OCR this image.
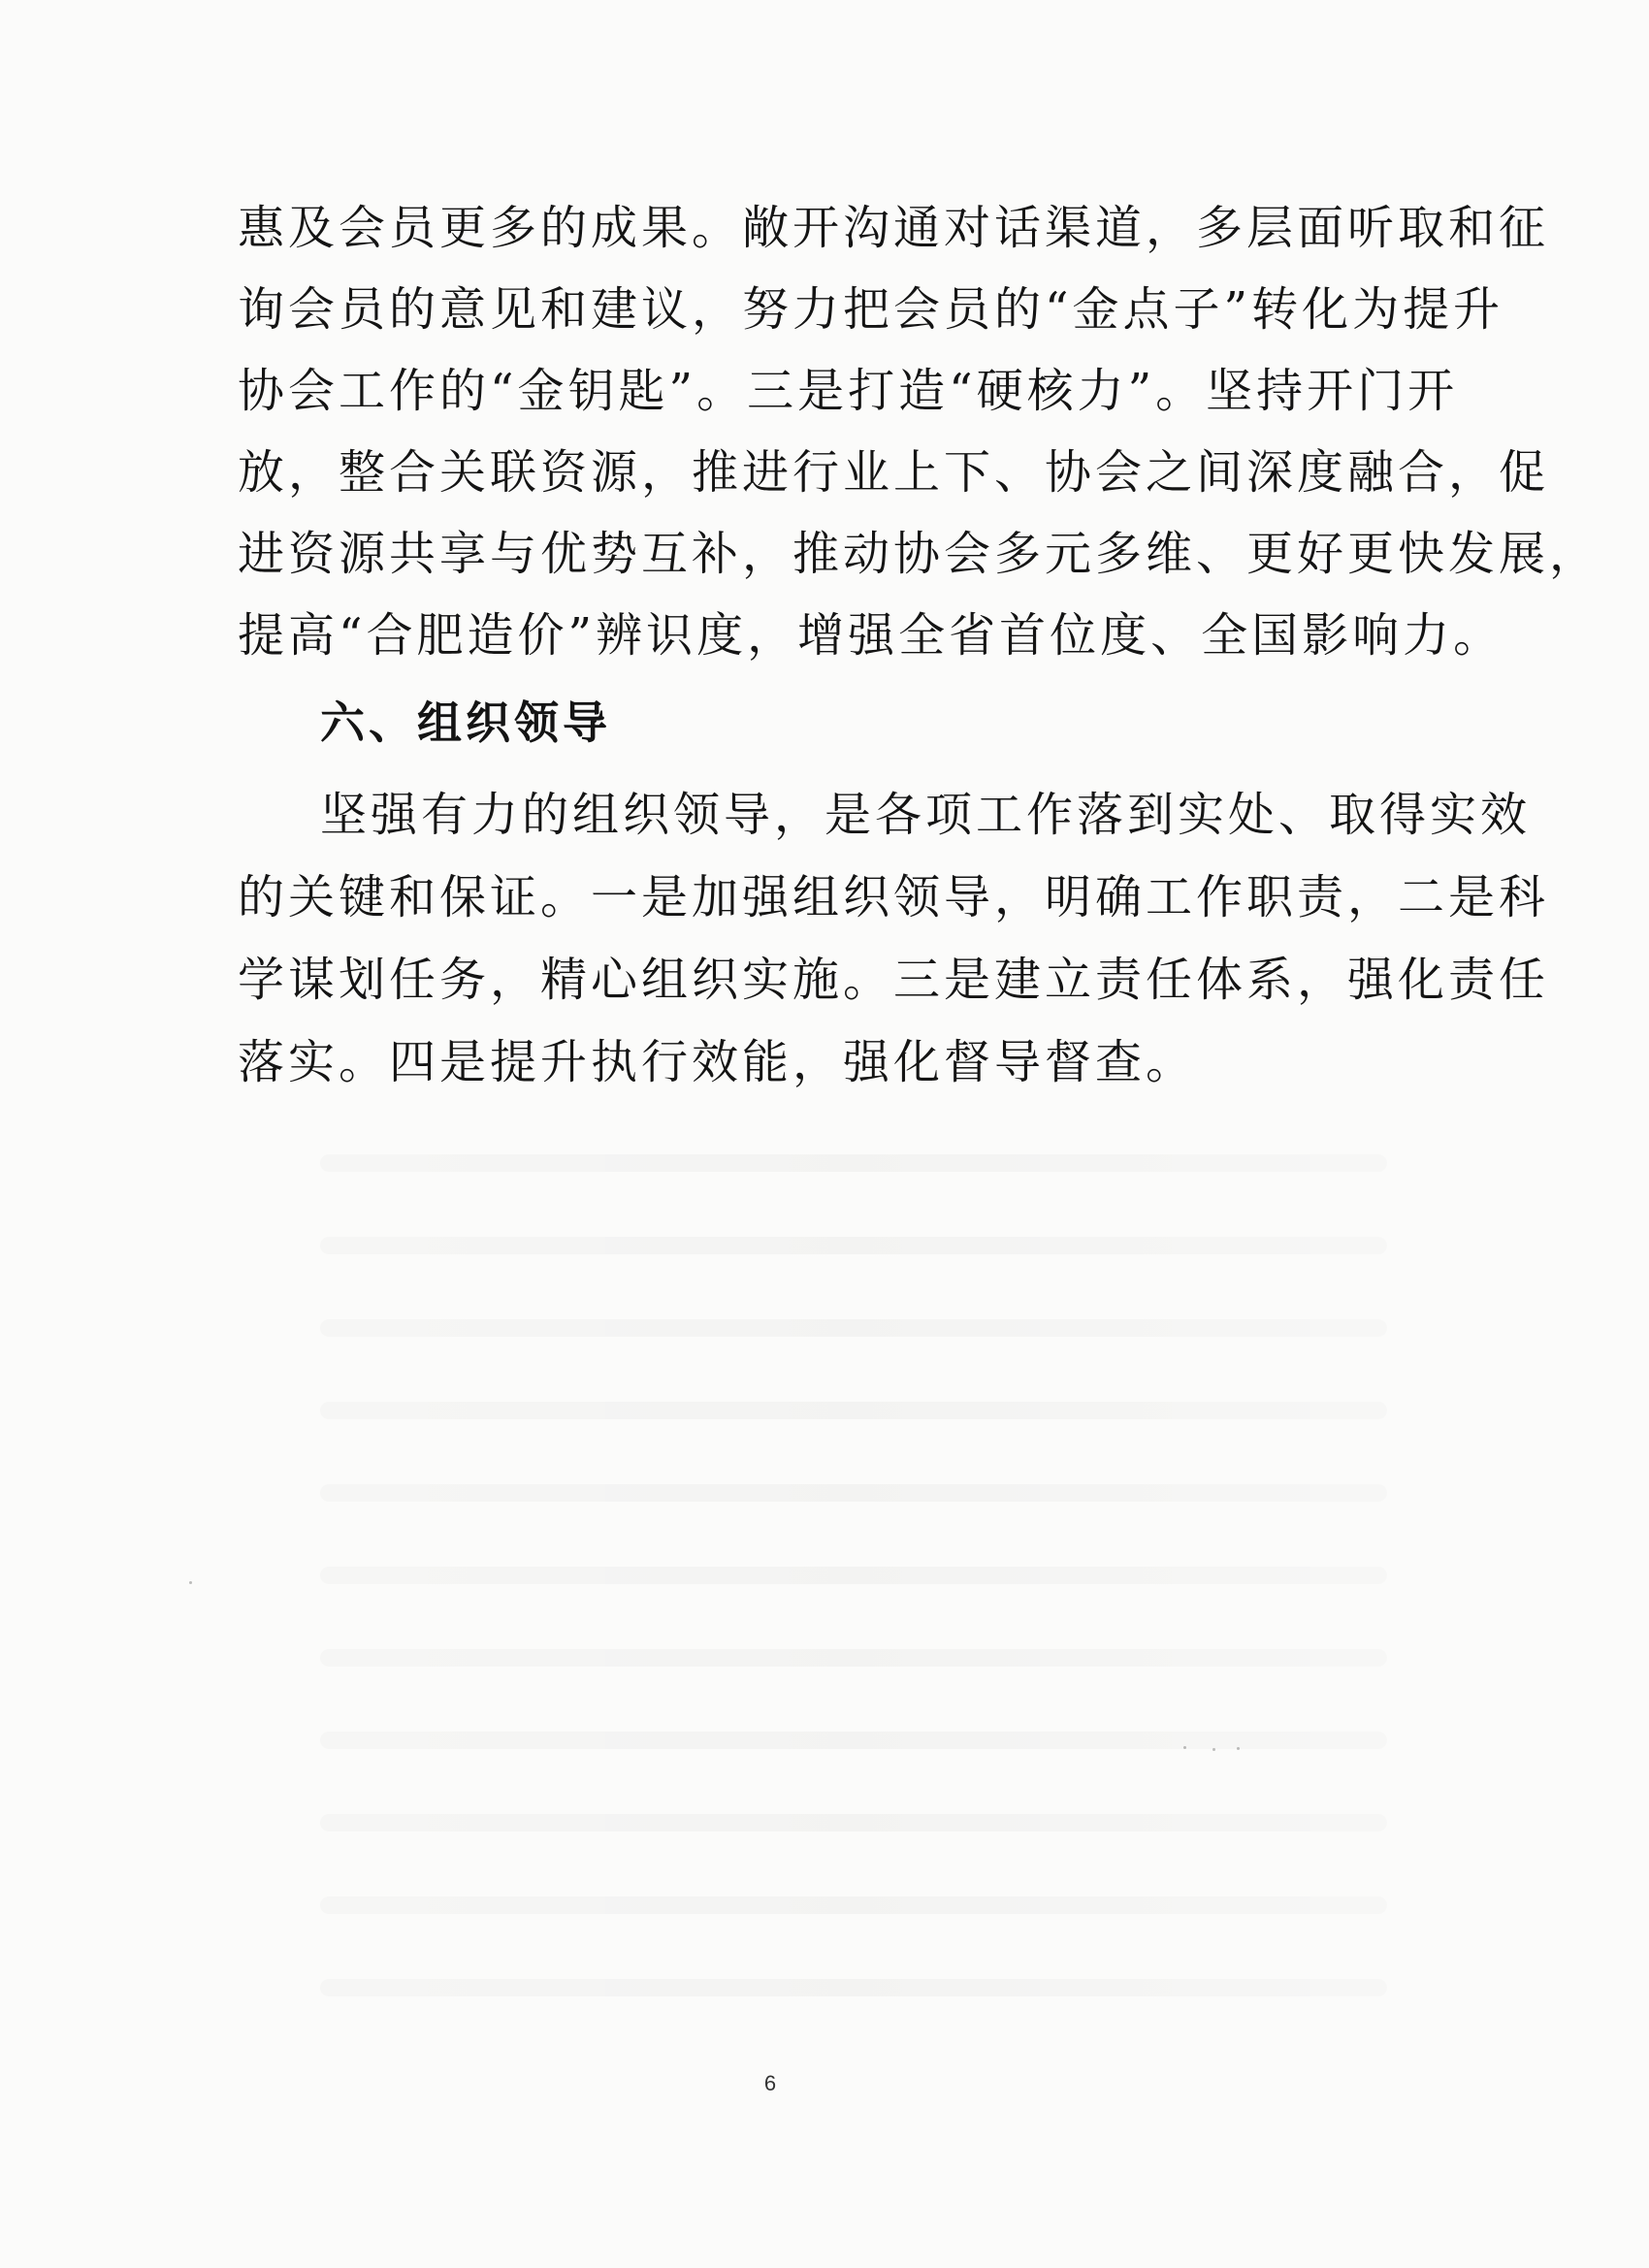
惠及会员更多的成果。敞开沟通对话渠道，多层面听取和征

询会员的意见和建议，努力把会员的“金点子”转化为提升

协会工作的“金钥匙”。三是打造“硬核力”。坚持开门开

放，整合关联资源，推进行业上下、协会之间深度融合，促

进资源共享与优势互补，推动协会多元多维、更好更快发展，

提高“合肥造价”辨识度，增强全省首位度、全国影响力。

六、组织领导

坚强有力的组织领导，是各项工作落到实处、取得实效

的关键和保证。一是加强组织领导，明确工作职责，二是科

学谋划任务，精心组织实施。三是建立责任体系，强化责任

落实。四是提升执行效能，强化督导督查。

6
